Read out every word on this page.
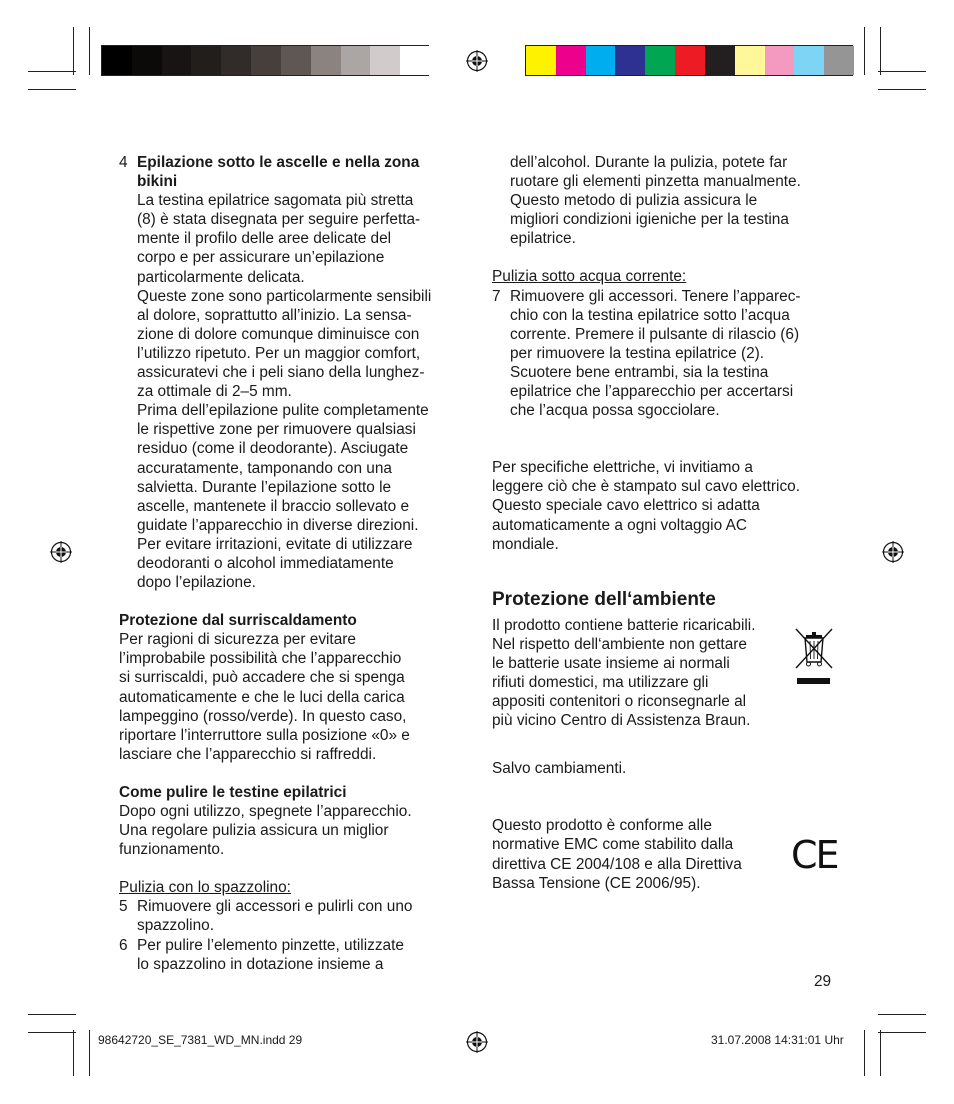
4 Epilazione sotto le ascelle e nella zona
bikini
La testina epilatrice sagomata più stretta
(8) è stata disegnata per seguire perfetta-
mente il profilo delle aree delicate del
corpo e per assicurare un’epilazione
particolarmente delicata.
Queste zone sono particolarmente sensibili
al dolore, soprattutto all’inizio. La sensa-
zione di dolore comunque diminuisce con
l’utilizzo ripetuto. Per un maggior comfort,
assicuratevi che i peli siano della lunghez-
za ottimale di 2–5 mm.
Prima dell’epilazione pulite completamente
le rispettive zone per rimuovere qualsiasi
residuo (come il deodorante). Asciugate
accuratamente, tamponando con una
salvietta. Durante l’epilazione sotto le
ascelle, mantenete il braccio sollevato e
guidate l’apparecchio in diverse direzioni.
Per evitare irritazioni, evitate di utilizzare
deodoranti o alcohol immediatamente
dopo l’epilazione.
Protezione dal surriscaldamento
Per ragioni di sicurezza per evitare
l’improbabile possibilità che l’apparecchio
si surriscaldi, può accadere che si spenga
automaticamente e che le luci della carica
lampeggino (rosso/verde). In questo caso,
riportare l’interruttore sulla posizione «0» e
lasciare che l’apparecchio si raffreddi.
Come pulire le testine epilatrici
Dopo ogni utilizzo, spegnete l’apparecchio.
Una regolare pulizia assicura un miglior
funzionamento.
Pulizia con lo spazzolino:
5 Rimuovere gli accessori e pulirli con uno
spazzolino.
6 Per pulire l’elemento pinzette, utilizzate
lo spazzolino in dotazione insieme a
dell’alcohol. Durante la pulizia, potete far
ruotare gli elementi pinzetta manualmente.
Questo metodo di pulizia assicura le
migliori condizioni igieniche per la testina
epilatrice.
Pulizia sotto acqua corrente:
7 Rimuovere gli accessori. Tenere l’apparec-
chio con la testina epilatrice sotto l’acqua
corrente. Premere il pulsante di rilascio (6)
per rimuovere la testina epilatrice (2).
Scuotere bene entrambi, sia la testina
epilatrice che l’apparecchio per accertarsi
che l’acqua possa sgocciolare.
Per specifiche elettriche, vi invitiamo a
leggere ciò che è stampato sul cavo elettrico.
Questo speciale cavo elettrico si adatta
automaticamente a ogni voltaggio AC
mondiale.
Protezione dell‘ambiente
Il prodotto contiene batterie ricaricabili.
Nel rispetto dell‘ambiente non gettare
le batterie usate insieme ai normali
rifiuti domestici, ma utilizzare gli
appositi contenitori o riconsegnarle al
più vicino Centro di Assistenza Braun.
Salvo cambiamenti.
Questo prodotto è conforme alle
normative EMC come stabilito dalla
direttiva CE 2004/108 e alla Direttiva
Bassa Tensione (CE 2006/95).
CE
29
98642720_SE_7381_WD_MN.indd 29	31.07.2008 14:31:01 Uhr
